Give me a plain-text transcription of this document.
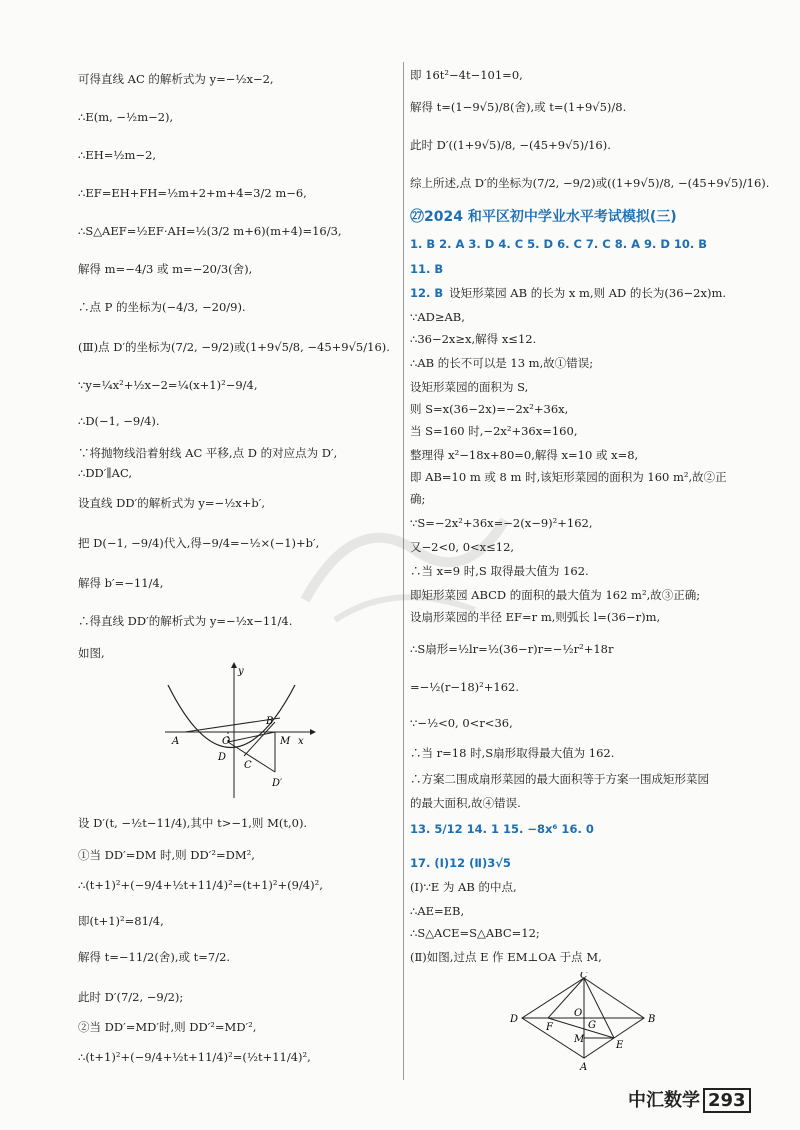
可得直线 AC 的解析式为 y=−½x−2,
∴E(m, −½m−2),
∴EH=½m−2,
∴EF=EH+FH=½m+2+m+4=3/2 m−6,
∴S△AEF=½EF·AH=½(3/2 m+6)(m+4)=16/3,
解得 m=−4/3 或 m=−20/3(舍),
∴点 P 的坐标为(−4/3, −20/9).
(Ⅲ)点 D′的坐标为(7/2, −9/2)或(1+9√5/8, −45+9√5/16).
∵y=¼x²+½x−2=¼(x+1)²−9/4,
∴D(−1, −9/4).
∵将抛物线沿着射线 AC 平移,点 D 的对应点为 D′,
∴DD′∥AC,
设直线 DD′的解析式为 y=−½x+b′,
把 D(−1, −9/4)代入,得−9/4=−½×(−1)+b′,
解得 b′=−11/4,
∴得直线 DD′的解析式为 y=−½x−11/4.
如图,
设 D′(t, −½t−11/4),其中 t>−1,则 M(t,0).
①当 DD′=DM 时,则 DD′²=DM²,
∴(t+1)²+(−9/4+½t+11/4)²=(t+1)²+(9/4)²,
即(t+1)²=81/4,
解得 t=−11/2(舍),或 t=7/2.
此时 D′(7/2, −9/2);
②当 DD′=MD′时,则 DD′²=MD′²,
∴(t+1)²+(−9/4+½t+11/4)²=(½t+11/4)²,
即 16t²−4t−101=0,
解得 t=(1−9√5)/8(舍),或 t=(1+9√5)/8.
此时 D′((1+9√5)/8, −(45+9√5)/16).
综上所述,点 D′的坐标为(7/2, −9/2)或((1+9√5)/8, −(45+9√5)/16).
㉗2024 和平区初中学业水平考试模拟(三)
1. B 2. A 3. D 4. C 5. D 6. C 7. C 8. A 9. D 10. B
11. B
12. B 设矩形菜园 AB 的长为 x m,则 AD 的长为(36−2x)m.
∵AD≥AB,
∴36−2x≥x,解得 x≤12.
∴AB 的长不可以是 13 m,故①错误;
设矩形菜园的面积为 S,
则 S=x(36−2x)=−2x²+36x,
当 S=160 时,−2x²+36x=160,
整理得 x²−18x+80=0,解得 x=10 或 x=8,
即 AB=10 m 或 8 m 时,该矩形菜园的面积为 160 m²,故②正
确;
∵S=−2x²+36x=−2(x−9)²+162,
又−2<0, 0<x≤12,
∴当 x=9 时,S 取得最大值为 162.
即矩形菜园 ABCD 的面积的最大值为 162 m²,故③正确;
设扇形菜园的半径 EF=r m,则弧长 l=(36−r)m,
∴S扇形=½lr=½(36−r)r=−½r²+18r
=−½(r−18)²+162.
∵−½<0, 0<r<36,
∴当 r=18 时,S扇形取得最大值为 162.
∴方案二围成扇形菜园的最大面积等于方案一围成矩形菜园
的最大面积,故④错误.
13. 5/12 14. 1 15. −8x⁶ 16. 0
17. (Ⅰ)12 (Ⅱ)3√5
(Ⅰ)∵E 为 AB 的中点,
∴AE=EB,
∴S△ACE=S△ABC=12;
(Ⅱ)如图,过点 E 作 EM⊥OA 于点 M,
y
x
A	O
B
M
C
D
D′
C
D
F
O
G
B
M
E
A
中汇数学 293
